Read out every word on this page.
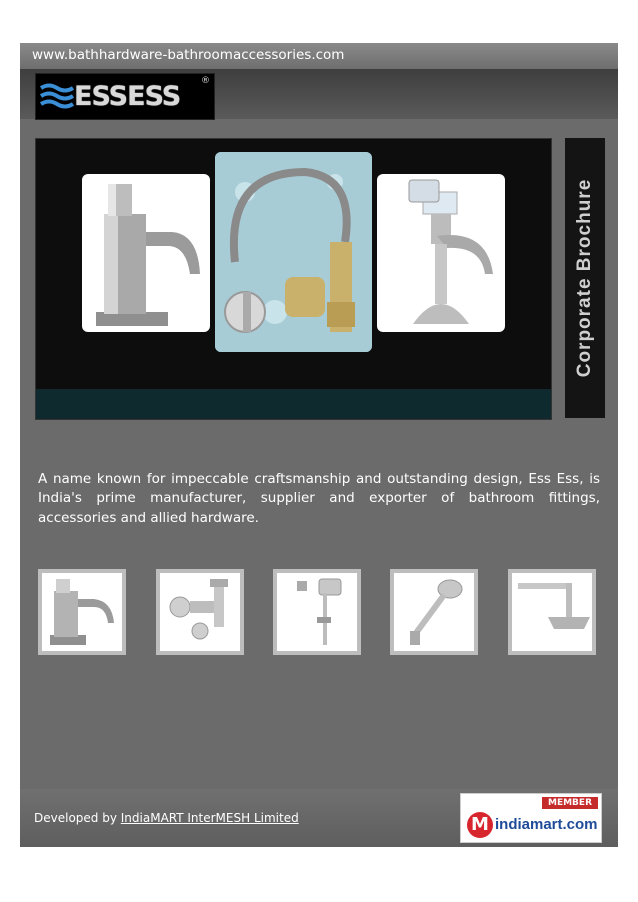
www.bathhardware-bathroomaccessories.com
ESSESS ®
Corporate Brochure

A name known for impeccable craftsmanship and outstanding design, Ess Ess, is India's prime manufacturer, supplier and exporter of bathroom fittings, accessories and allied hardware.

Developed by IndiaMART InterMESH Limited
MEMBER
M indiamart.com
